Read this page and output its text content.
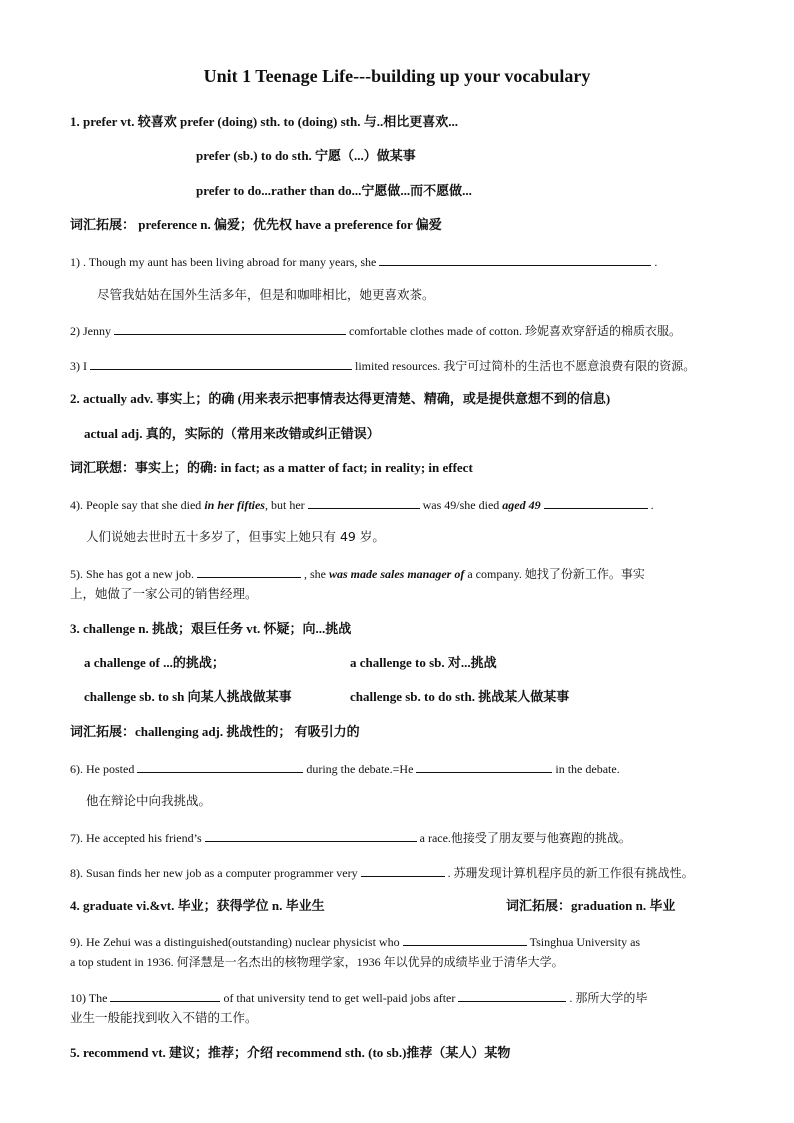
Unit 1 Teenage Life---building up your vocabulary
1. prefer vt. 较喜欢 prefer (doing) sth. to (doing) sth. 与..相比更喜欢...
prefer (sb.) to do sth. 宁愿（...）做某事
prefer to do...rather than do...宁愿做...而不愿做...
词汇拓展： preference n. 偏爱；优先权 have a preference for 偏爱
1) . Though my aunt has been living abroad for many years, she	.
尽管我姑姑在国外生活多年，但是和咖啡相比，她更喜欢茶。
2) Jenny	comfortable clothes made of cotton. 珍妮喜欢穿舒适的棉质衣服。
3) I	limited resources. 我宁可过简朴的生活也不愿意浪费有限的资源。
2. actually adv. 事实上；的确 (用来表示把事情表达得更清楚、精确，或是提供意想不到的信息)
actual adj. 真的，实际的（常用来改错或纠正错误）
词汇联想：事实上；的确: in fact; as a matter of fact; in reality; in effect
4). People say that she died in her fifties, but her	was 49/she died aged 49	.
人们说她去世时五十多岁了，但事实上她只有 49 岁。
5). She has got a new job.	, she was made sales manager of a company. 她找了份新工作。事实
上，她做了一家公司的销售经理。
3. challenge n. 挑战；艰巨任务 vt. 怀疑；向...挑战
a challenge of ...的挑战；	a challenge to sb. 对...挑战
challenge sb. to sh 向某人挑战做某事	challenge sb. to do sth. 挑战某人做某事
词汇拓展：challenging adj. 挑战性的； 有吸引力的
6). He posted	during the debate.=He	in the debate.
他在辩论中向我挑战。
7). He accepted his friend’s	a race.他接受了朋友要与他赛跑的挑战。
8). Susan finds her new job as a computer programmer very	. 苏珊发现计算机程序员的新工作很有挑战性。
4. graduate vi.&vt. 毕业；获得学位 n. 毕业生	词汇拓展：graduation n. 毕业
9). He Zehui was a distinguished(outstanding) nuclear physicist who	Tsinghua University as
a top student in 1936. 何泽慧是一名杰出的核物理学家，1936 年以优异的成绩毕业于清华大学。
10) The	of that university tend to get well-paid jobs after	. 那所大学的毕
业生一般能找到收入不错的工作。
5. recommend vt. 建议；推荐；介绍 recommend sth. (to sb.)推荐（某人）某物
